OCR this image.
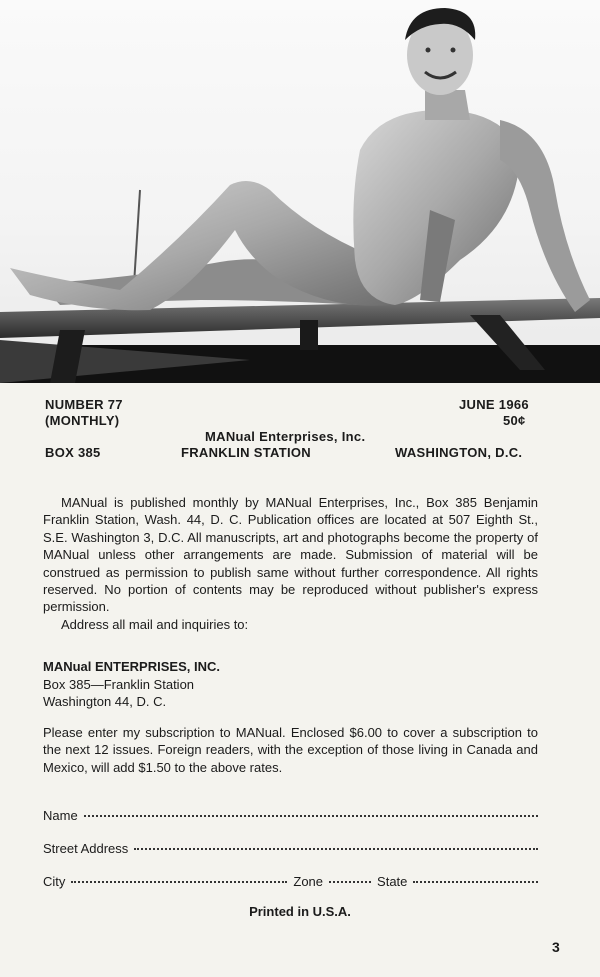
NUMBER 77
(MONTHLY)
JUNE 1966
50¢
MANual Enterprises, Inc.
BOX 385	FRANKLIN STATION	WASHINGTON, D.C.

MANual is published monthly by MANual Enterprises, Inc., Box 385 Benjamin Franklin Station, Wash. 44, D. C. Publication offices are located at 507 Eighth St., S.E. Washington 3, D.C. All manuscripts, art and photographs become the property of MANual unless other arrangements are made. Submission of material will be construed as permission to publish same without further correspondence. All rights reserved. No portion of contents may be reproduced without publisher's express permission.

Address all mail and inquiries to:

MANual ENTERPRISES, INC.
Box 385—Franklin Station
Washington 44, D. C.
Please enter my subscription to MANual. Enclosed $6.00 to cover a subscription to the next 12 issues. Foreign readers, with the exception of those living in Canada and Mexico, will add $1.50 to the above rates.
Name
Street Address
City	Zone	State
Printed in U.S.A.
3
